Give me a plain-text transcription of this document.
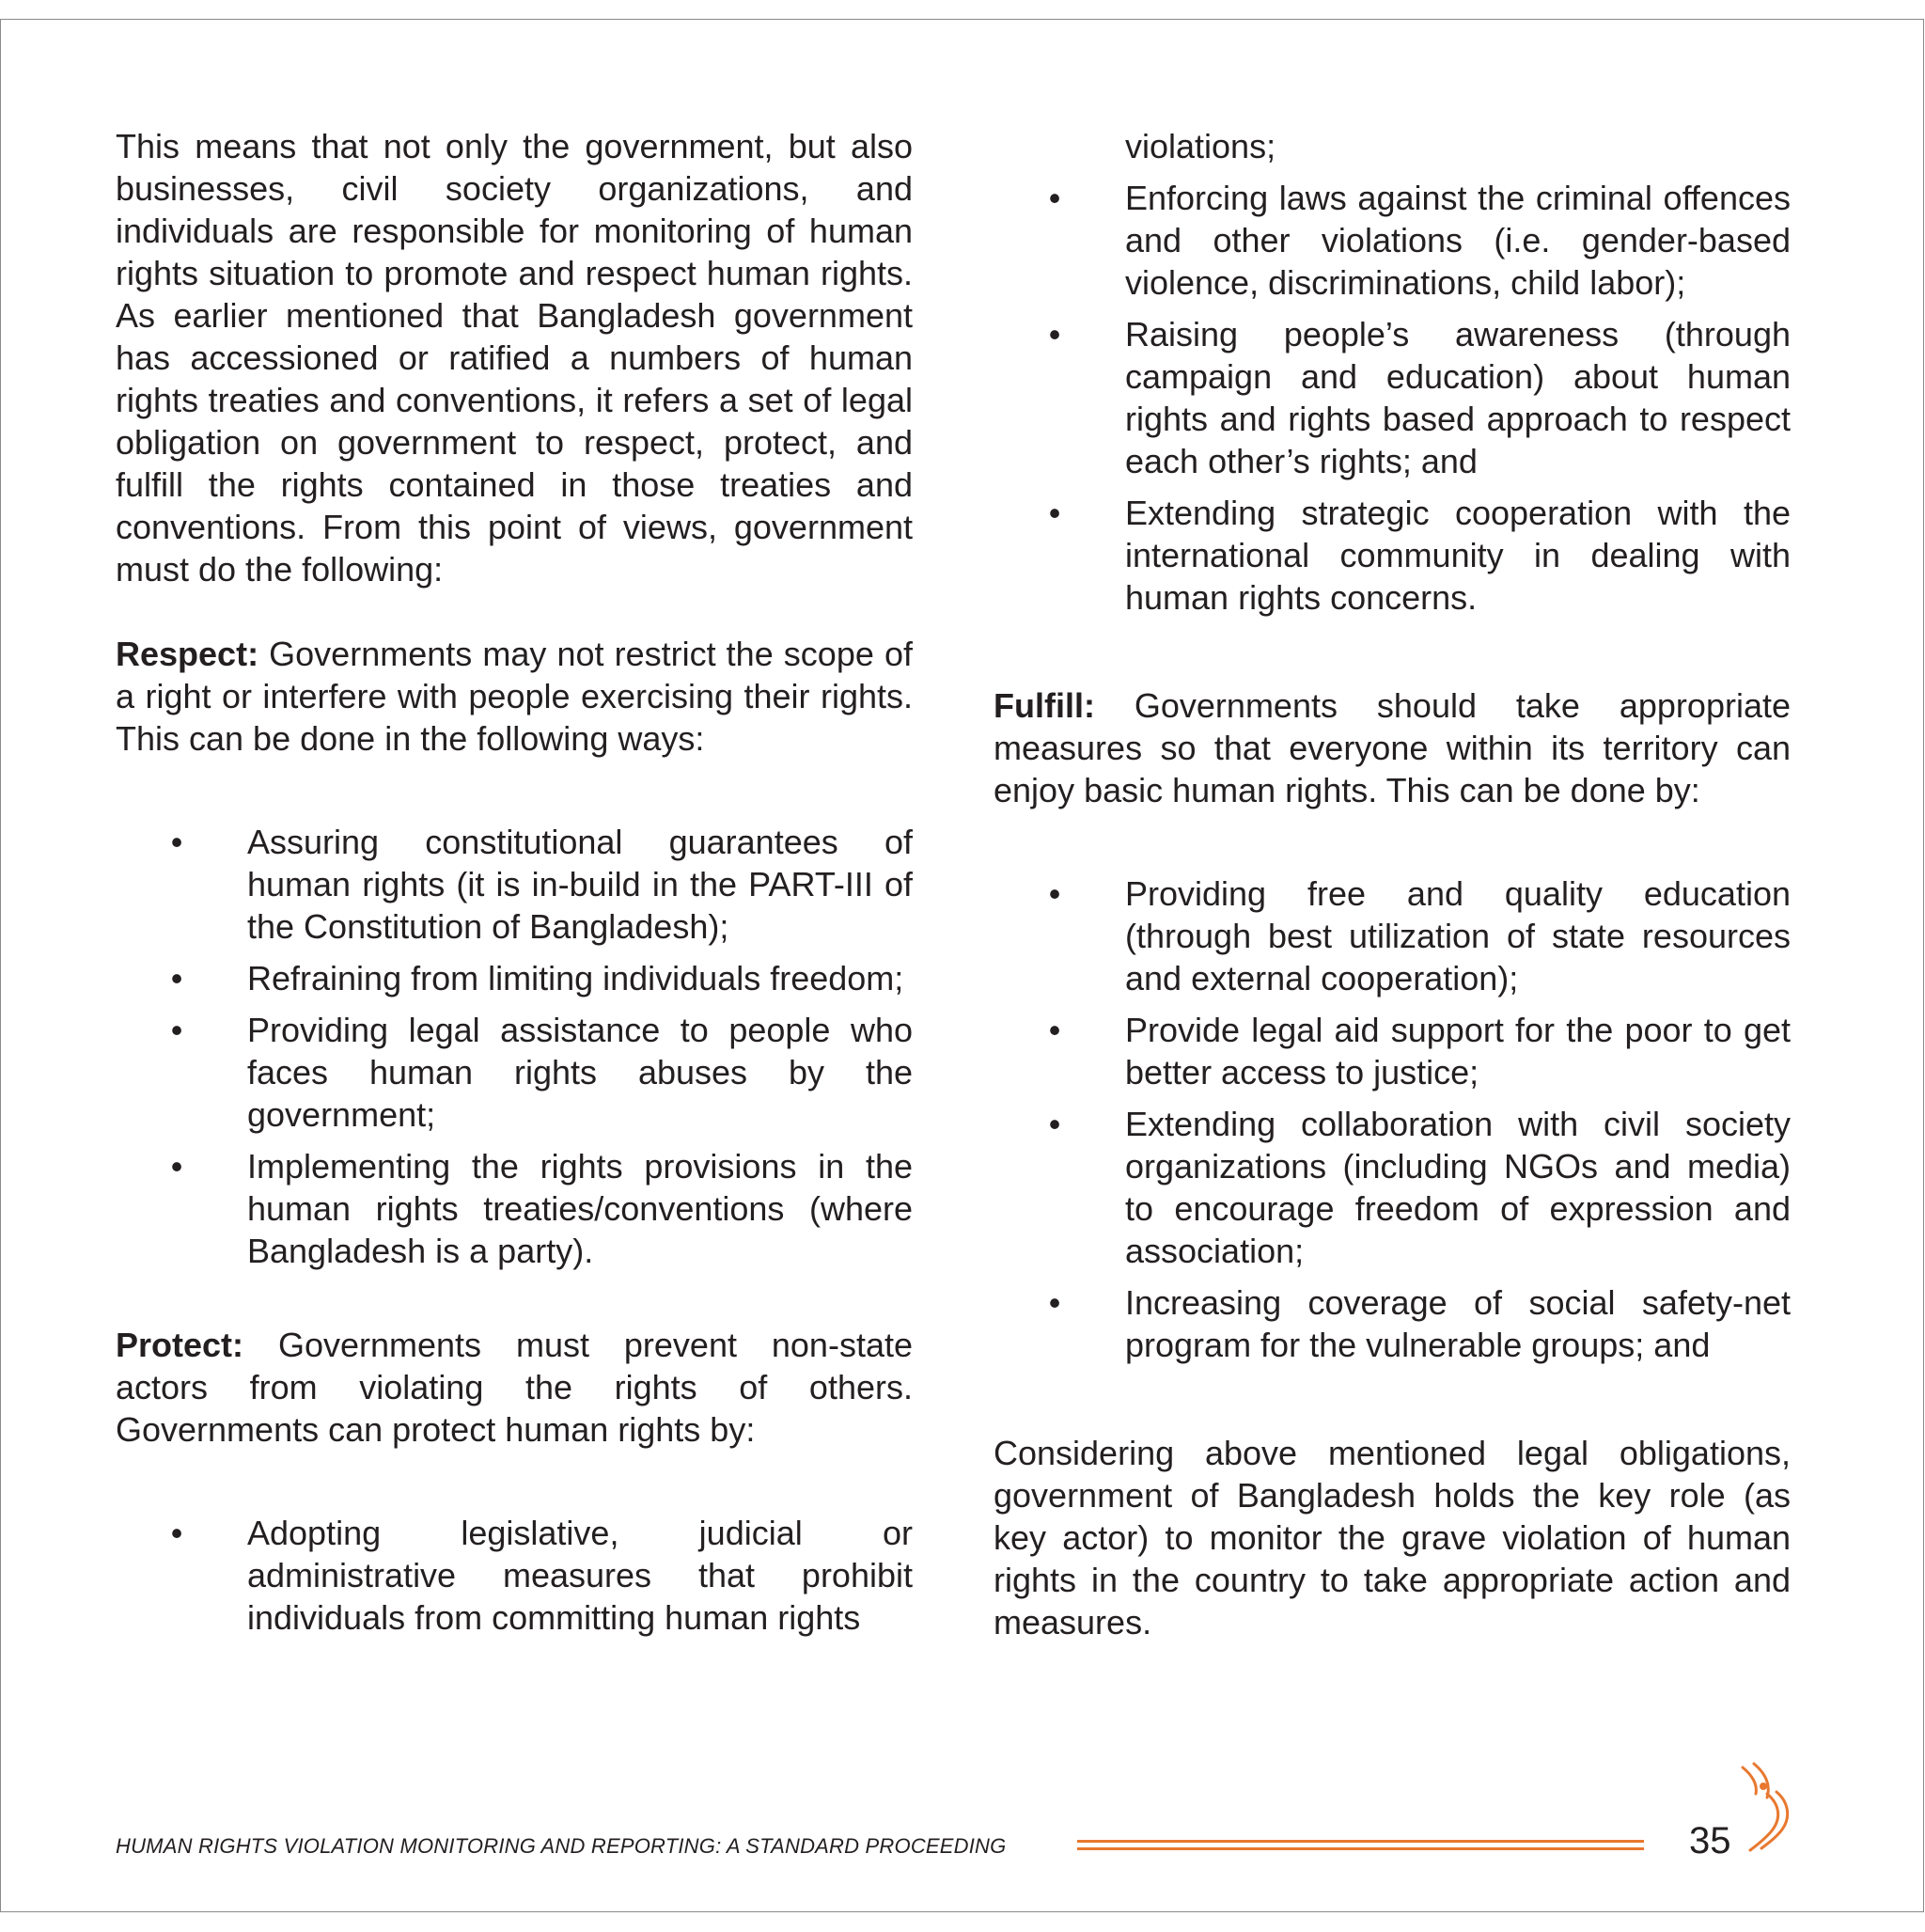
This means that not only the government, but also businesses, civil society organizations, and individuals are responsible for monitoring of human rights situation to promote and respect human rights. As earlier mentioned that Bangladesh government has accessioned or ratified a numbers of human rights treaties and conventions, it refers a set of legal obligation on government to respect, protect, and fulfill the rights contained in those treaties and conventions. From this point of views, government must do the following:

Respect: Governments may not restrict the scope of a right or interfere with people exercising their rights. This can be done in the following ways:

• Assuring constitutional guarantees of human rights (it is in-build in the PART-III of the Constitution of Bangladesh);
• Refraining from limiting individuals freedom;
• Providing legal assistance to people who faces human rights abuses by the government;
• Implementing the rights provisions in the human rights treaties/conventions (where Bangladesh is a party).

Protect: Governments must prevent non-state actors from violating the rights of others. Governments can protect human rights by:

• Adopting legislative, judicial or administrative measures that prohibit individuals from committing human rights

violations;

• Enforcing laws against the criminal offences and other violations (i.e. gender-based violence, discriminations, child labor);
• Raising people’s awareness (through campaign and education) about human rights and rights based approach to respect each other’s rights; and
• Extending strategic cooperation with the international community in dealing with human rights concerns.

Fulfill: Governments should take appropriate measures so that everyone within its territory can enjoy basic human rights. This can be done by:

• Providing free and quality education (through best utilization of state resources and external cooperation);
• Provide legal aid support for the poor to get better access to justice;
• Extending collaboration with civil society organizations (including NGOs and media) to encourage freedom of expression and association;
• Increasing coverage of social safety-net program for the vulnerable groups; and

Considering above mentioned legal obligations, government of Bangladesh holds the key role (as key actor) to monitor the grave violation of human rights in the country to take appropriate action and measures.

HUMAN RIGHTS VIOLATION MONITORING AND REPORTING: A STANDARD PROCEEDING	35
